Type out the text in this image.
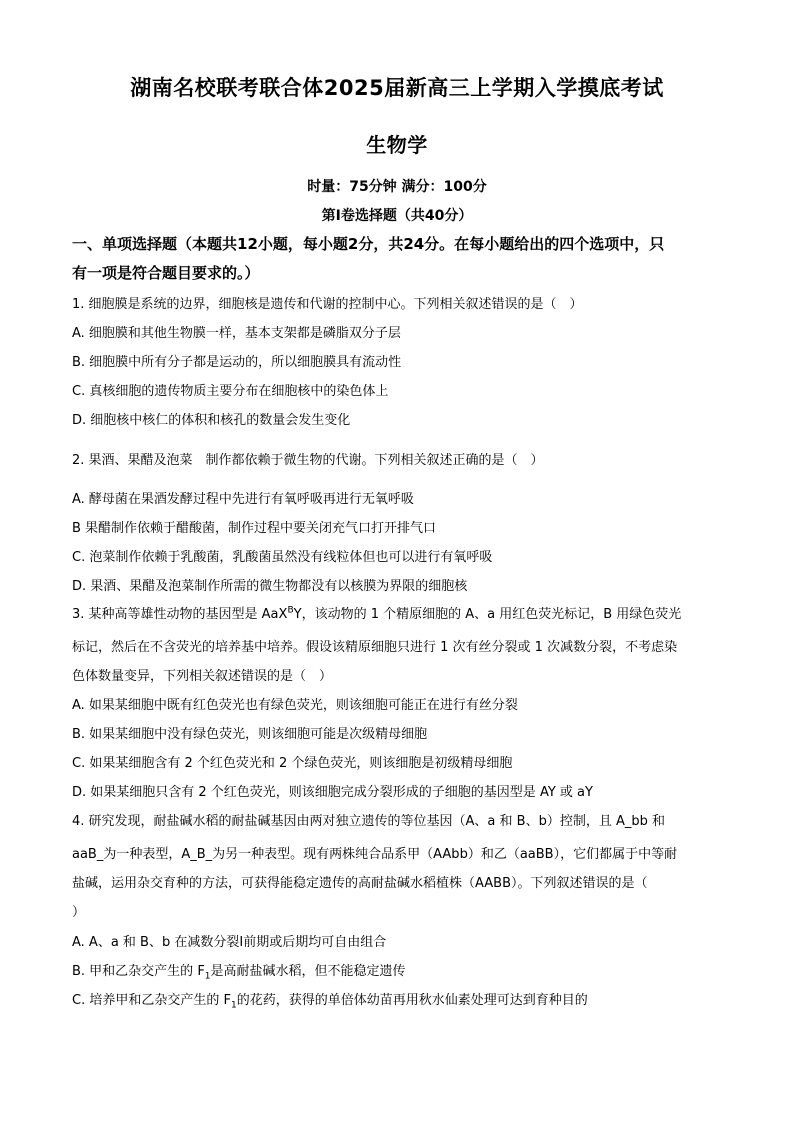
湖南名校联考联合体2025届新高三上学期入学摸底考试
生物学
时量：75分钟 满分：100分
第Ⅰ卷选择题（共40分）
一、单项选择题（本题共12小题，每小题2分，共24分。在每小题给出的四个选项中，只
有一项是符合题目要求的。）
1. 细胞膜是系统的边界，细胞核是遗传和代谢的控制中心。下列相关叙述错误的是（　）
A. 细胞膜和其他生物膜一样，基本支架都是磷脂双分子层
B. 细胞膜中所有分子都是运动的，所以细胞膜具有流动性
C. 真核细胞的遗传物质主要分布在细胞核中的染色体上
D. 细胞核中核仁的体积和核孔的数量会发生变化
2. 果酒、果醋及泡菜　制作都依赖于微生物的代谢。下列相关叙述正确的是（　）
A. 酵母菌在果酒发酵过程中先进行有氧呼吸再进行无氧呼吸
B 果醋制作依赖于醋酸菌，制作过程中要关闭充气口打开排气口
C. 泡菜制作依赖于乳酸菌，乳酸菌虽然没有线粒体但也可以进行有氧呼吸
D. 果酒、果醋及泡菜制作所需的微生物都没有以核膜为界限的细胞核
3. 某种高等雄性动物的基因型是 AaX$^B$Y，该动物的 1 个精原细胞的 A、a 用红色荧光标记，B 用绿色荧光
标记，然后在不含荧光的培养基中培养。假设该精原细胞只进行 1 次有丝分裂或 1 次减数分裂，不考虑染
色体数量变异，下列相关叙述错误的是（　）
A. 如果某细胞中既有红色荧光也有绿色荧光，则该细胞可能正在进行有丝分裂
B. 如果某细胞中没有绿色荧光，则该细胞可能是次级精母细胞
C. 如果某细胞含有 2 个红色荧光和 2 个绿色荧光，则该细胞是初级精母细胞
D. 如果某细胞只含有 2 个红色荧光，则该细胞完成分裂形成的子细胞的基因型是 AY 或 aY
4. 研究发现，耐盐碱水稻的耐盐碱基因由两对独立遗传的等位基因（A、a 和 B、b）控制，且 A_bb 和
aaB_为一种表型，A_B_为另一种表型。现有两株纯合品系甲（AAbb）和乙（aaBB），它们都属于中等耐
盐碱，运用杂交育种的方法，可获得能稳定遗传的高耐盐碱水稻植株（AABB）。下列叙述错误的是（
）
A. A、a 和 B、b 在减数分裂Ⅰ前期或后期均可自由组合
B. 甲和乙杂交产生的 $F_1$是高耐盐碱水稻，但不能稳定遗传
C. 培养甲和乙杂交产生的 $F_1$的花药，获得的单倍体幼苗再用秋水仙素处理可达到育种目的
